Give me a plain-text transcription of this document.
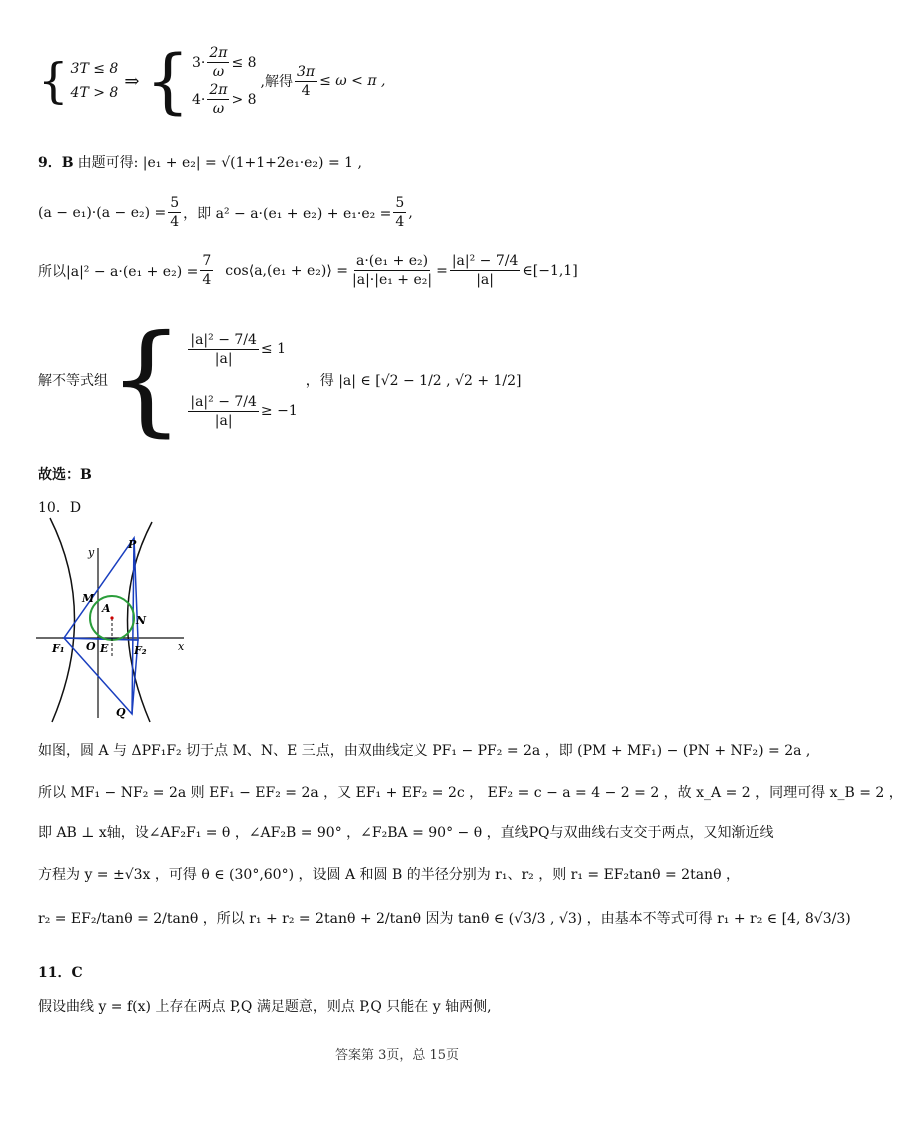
{ 3T ≤ 8
4T > 8
⇒ { $3\cdot \frac{2\pi}{\omega} \le 8$
$4\cdot \frac{2\pi}{\omega} > 8$
,解得 $\frac{3\pi}{4} \le \omega < \pi$ ,
9．B 由题可得: |e₁ + e₂| = √(1+1+2e₁·e₂) = 1 ,
$(a - e_1)\cdot(a - e_2) = \frac{5}{4}$ ，即 $a^2 - a\cdot(e_1 + e_2) + e_1\cdot e_2 = \frac{5}{4}$ ,
所以$|a|^2 - a\cdot(e_1 + e_2) = \frac{7}{4}$ cos⟨a,(e₁ + e₂)⟩ = $\frac{\text{a·(e₁ + e₂)}}{\text{|a|·|e₁ + e₂|}} = \frac{\text{|a|² − 7/4}}{|a|}$ ∈[−1,1]
解不等式组 { $\frac{\text{|a|² − 7/4}}{|a|} \le 1$
$\frac{\text{|a|² − 7/4}}{|a|} \ge -1$
，得 |a| ∈ [√2 − 1/2 , √2 + 1/2]
故选：B
10．D
y
x
P
M
A
N
F₁ O E F₂
Q
如图，圆 A 与 ΔPF₁F₂ 切于点 M、N、E 三点，由双曲线定义 PF₁ − PF₂ = 2a ，即 (PM + MF₁) − (PN + NF₂) = 2a ,
所以 MF₁ − NF₂ = 2a 则 EF₁ − EF₂ = 2a ，又 EF₁ + EF₂ = 2c ， EF₂ = c − a = 4 − 2 = 2 ，故 x_A = 2 ，同理可得 x_B = 2 ，
即 AB ⊥ x轴，设∠AF₂F₁ = θ ，∠AF₂B = 90° ，∠F₂BA = 90° − θ ，直线PQ与双曲线右支交于两点，又知渐近线
方程为 y = ±√3x ，可得 θ ∈ (30°,60°) ，设圆 A 和圆 B 的半径分别为 r₁、r₂ ，则 r₁ = EF₂tanθ = 2tanθ ，
r₂ = EF₂/tanθ = 2/tanθ ，所以 r₁ + r₂ = 2tanθ + 2/tanθ 因为 tanθ ∈ (√3/3 , √3) ，由基本不等式可得 r₁ + r₂ ∈ [4, 8√3/3)
11．C
假设曲线 y = f(x) 上存在两点 P,Q 满足题意，则点 P,Q 只能在 y 轴两侧,
答案第 3页，总 15页
